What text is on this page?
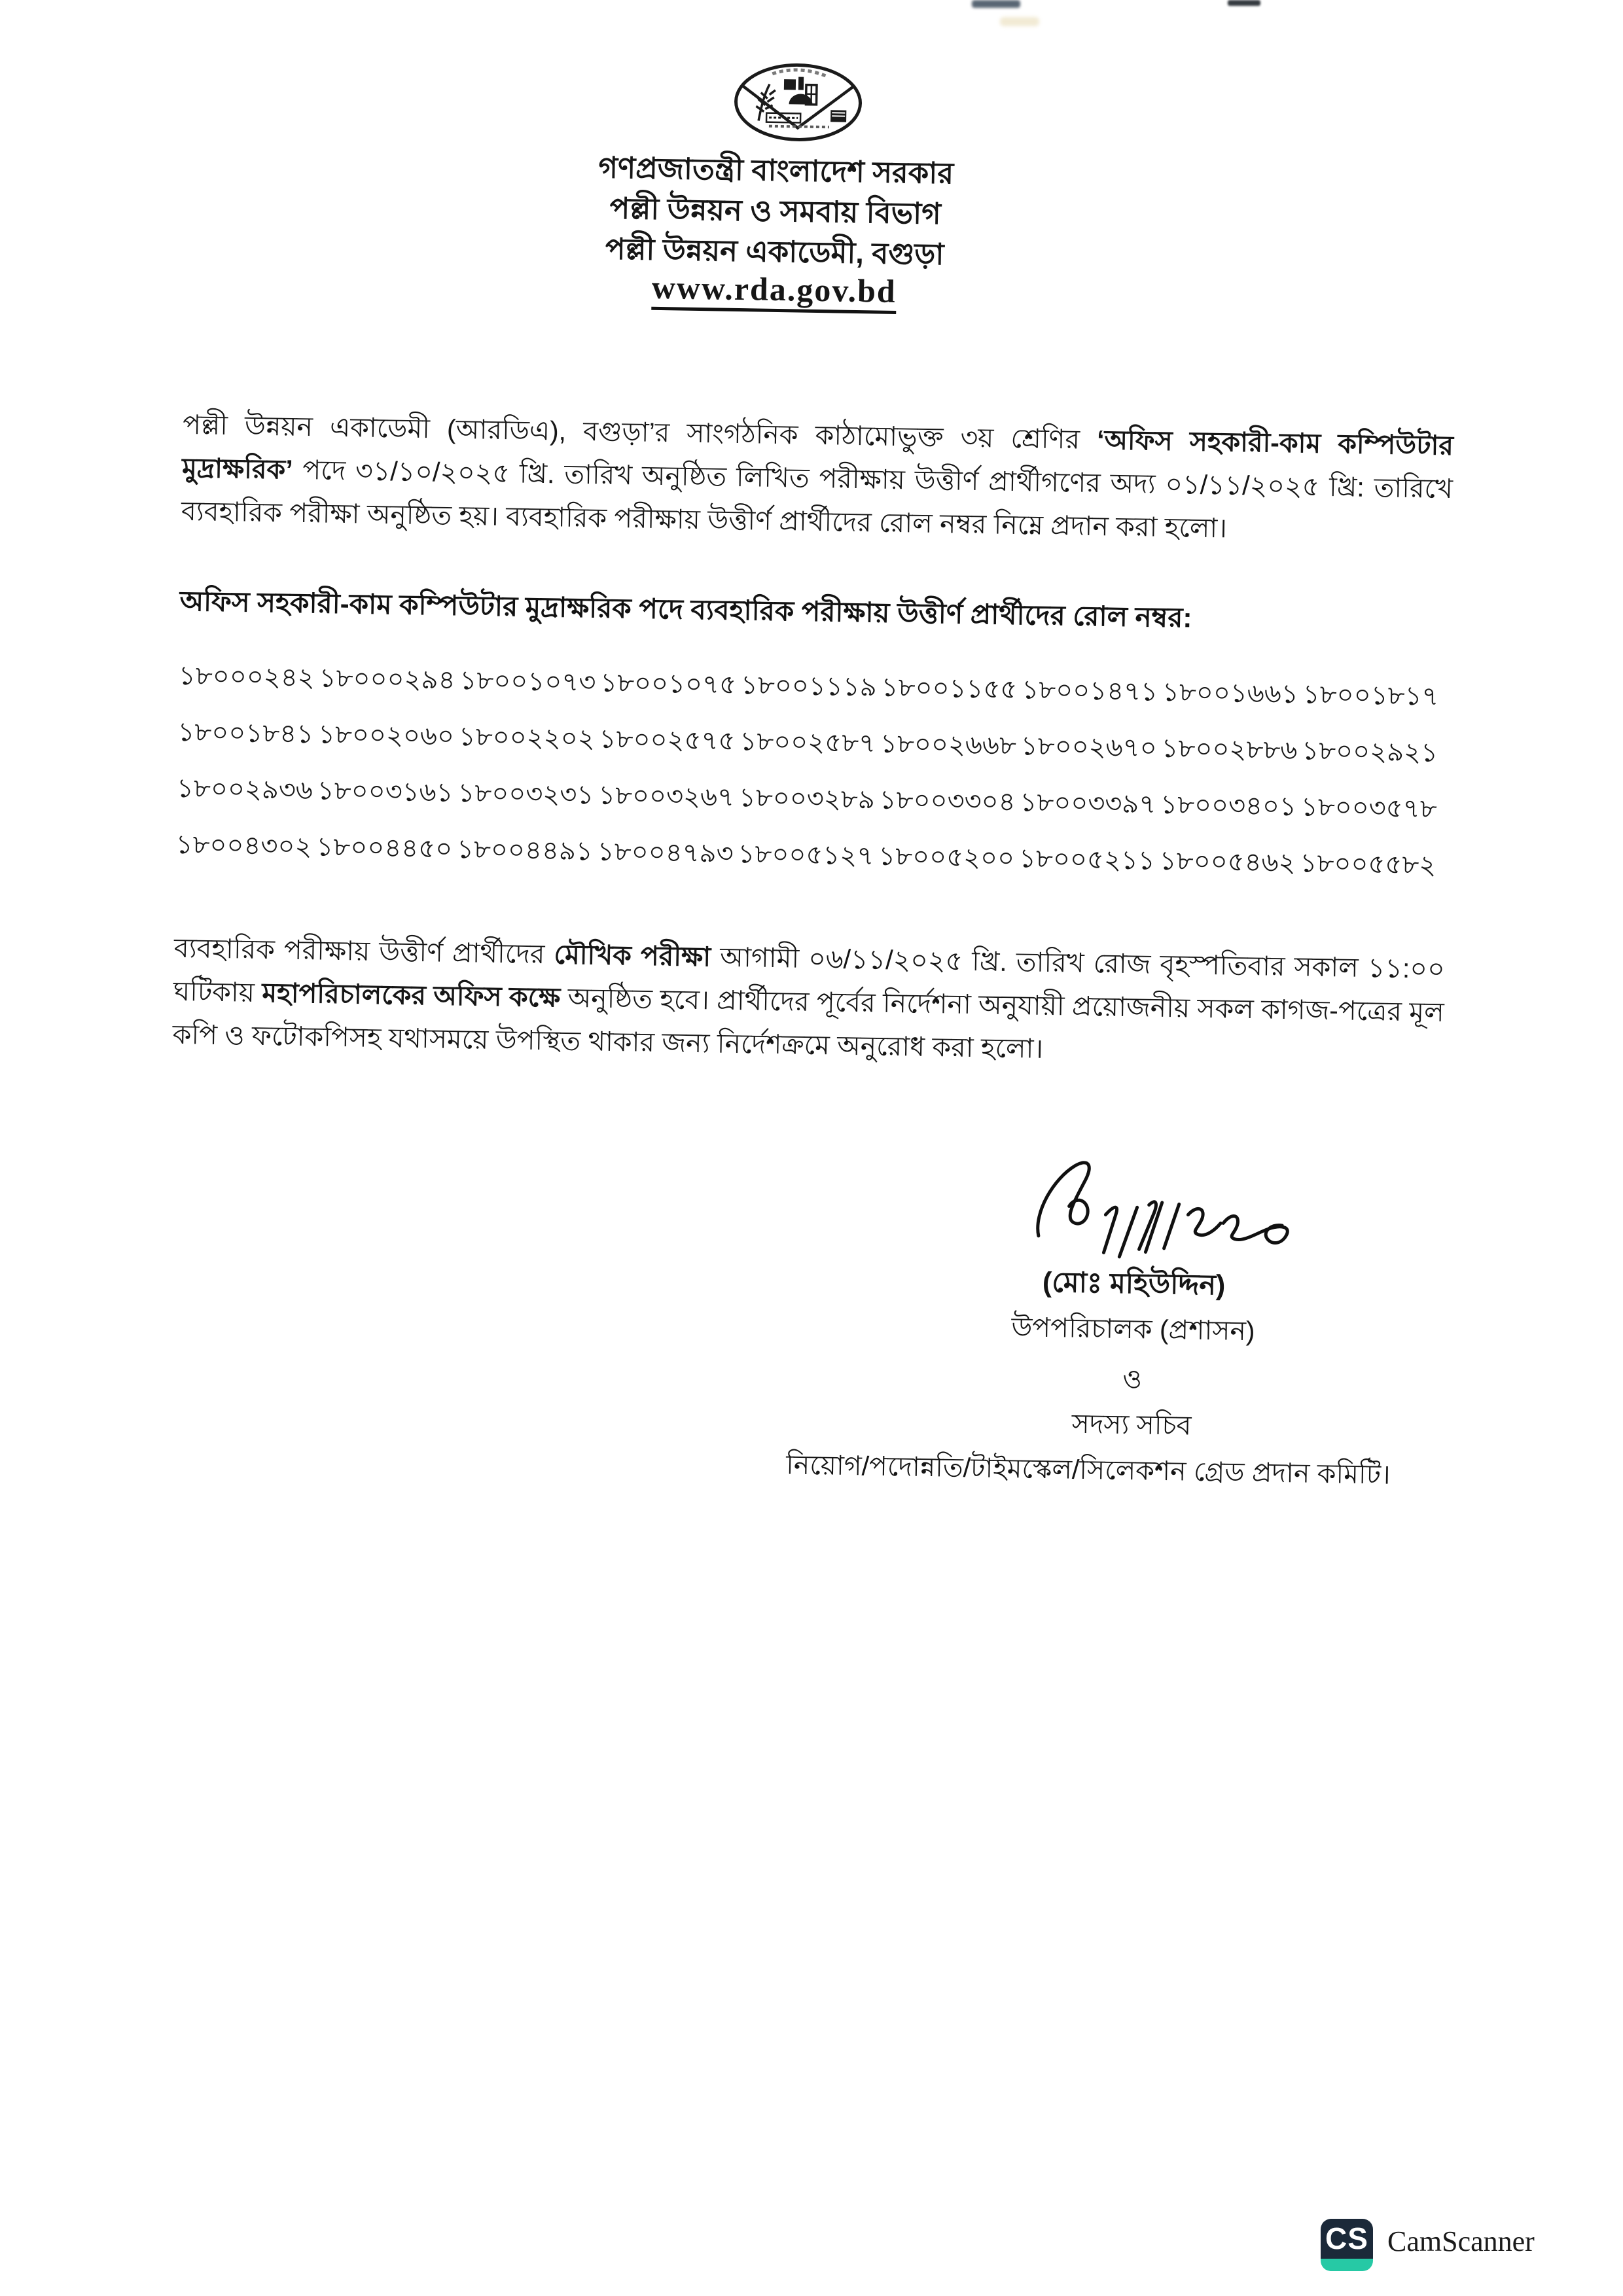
গণপ্রজাতন্ত্রী বাংলাদেশ সরকার
পল্লী উন্নয়ন ও সমবায় বিভাগ
পল্লী উন্নয়ন একাডেমী, বগুড়া
www.rda.gov.bd
পল্লী উন্নয়ন একাডেমী (আরডিএ), বগুড়া’র সাংগঠনিক কাঠামোভুক্ত ৩য় শ্রেণির ‘অফিস সহকারী-কাম কম্পিউটার মুদ্রাক্ষরিক’ পদে ৩১/১০/২০২৫ খ্রি. তারিখ অনুষ্ঠিত লিখিত পরীক্ষায় উত্তীর্ণ প্রার্থীগণের অদ্য ০১/১১/২০২৫ খ্রি: তারিখে ব্যবহারিক পরীক্ষা অনুষ্ঠিত হয়। ব্যবহারিক পরীক্ষায় উত্তীর্ণ প্রার্থীদের রোল নম্বর নিম্নে প্রদান করা হলো।
অফিস সহকারী-কাম কম্পিউটার মুদ্রাক্ষরিক পদে ব্যবহারিক পরীক্ষায় উত্তীর্ণ প্রার্থীদের রোল নম্বর:
১৮০০০২৪২ ১৮০০০২৯৪ ১৮০০১০৭৩ ১৮০০১০৭৫ ১৮০০১১১৯ ১৮০০১১৫৫ ১৮০০১৪৭১ ১৮০০১৬৬১ ১৮০০১৮১৭
১৮০০১৮৪১ ১৮০০২০৬০ ১৮০০২২০২ ১৮০০২৫৭৫ ১৮০০২৫৮৭ ১৮০০২৬৬৮ ১৮০০২৬৭০ ১৮০০২৮৮৬ ১৮০০২৯২১
১৮০০২৯৩৬ ১৮০০৩১৬১ ১৮০০৩২৩১ ১৮০০৩২৬৭ ১৮০০৩২৮৯ ১৮০০৩৩০৪ ১৮০০৩৩৯৭ ১৮০০৩৪০১ ১৮০০৩৫৭৮
১৮০০৪৩০২ ১৮০০৪৪৫০ ১৮০০৪৪৯১ ১৮০০৪৭৯৩ ১৮০০৫১২৭ ১৮০০৫২০০ ১৮০০৫২১১ ১৮০০৫৪৬২ ১৮০০৫৫৮২
ব্যবহারিক পরীক্ষায় উত্তীর্ণ প্রার্থীদের মৌখিক পরীক্ষা আগামী ০৬/১১/২০২৫ খ্রি. তারিখ রোজ বৃহস্পতিবার সকাল ১১:০০ ঘটিকায় মহাপরিচালকের অফিস কক্ষে অনুষ্ঠিত হবে। প্রার্থীদের পূর্বের নির্দেশনা অনুযায়ী প্রয়োজনীয় সকল কাগজ-পত্রের মূল কপি ও ফটোকপিসহ যথাসময়ে উপস্থিত থাকার জন্য নির্দেশক্রমে অনুরোধ করা হলো।
(মোঃ মহিউদ্দিন)
উপপরিচালক (প্রশাসন)
ও
সদস্য সচিব
নিয়োগ/পদোন্নতি/টাইমস্কেল/সিলেকশন গ্রেড প্রদান কমিটি।
CS CamScanner
